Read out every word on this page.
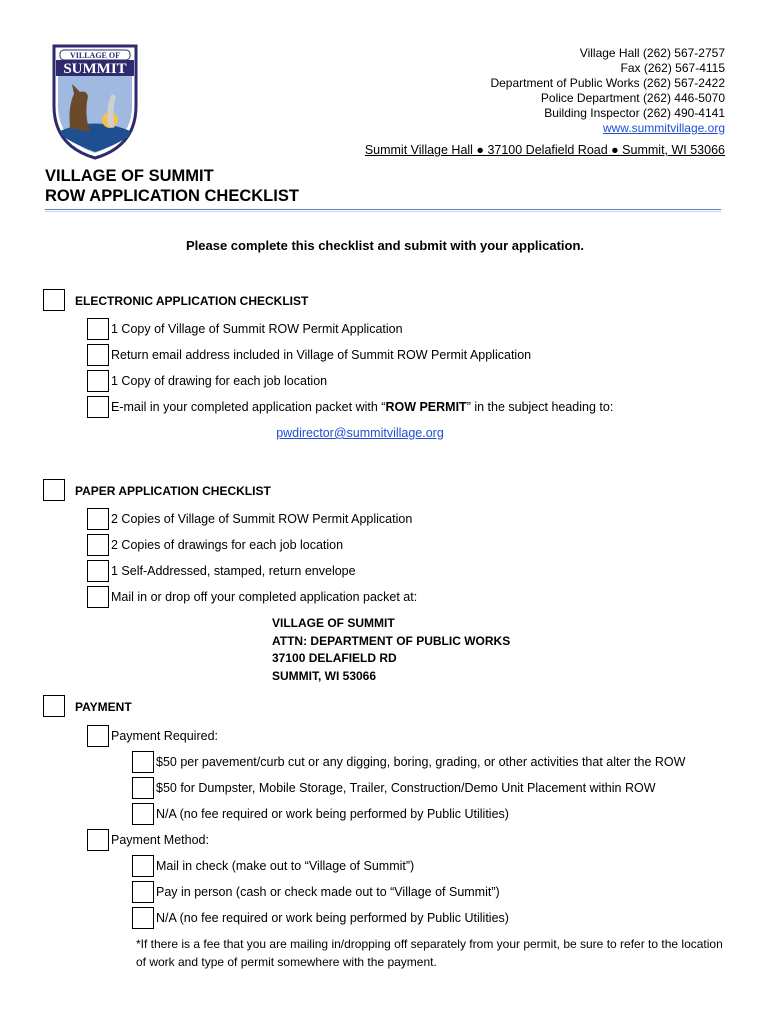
VILLAGE OF
SUMMIT
Village Hall (262) 567-2757
Fax (262) 567-4115
Department of Public Works (262) 567-2422
Police Department (262) 446-5070
Building Inspector (262) 490-4141
www.summitvillage.org
Summit Village Hall ● 37100 Delafield Road ● Summit, WI 53066
VILLAGE OF SUMMIT
ROW APPLICATION CHECKLIST
Please complete this checklist and submit with your application.
ELECTRONIC APPLICATION CHECKLIST
1 Copy of Village of Summit ROW Permit Application
Return email address included in Village of Summit ROW Permit Application
1 Copy of drawing for each job location
E-mail in your completed application packet with “ROW PERMIT” in the subject heading to:
pwdirector@summitvillage.org
PAPER APPLICATION CHECKLIST
2 Copies of Village of Summit ROW Permit Application
2 Copies of drawings for each job location
1 Self-Addressed, stamped, return envelope
Mail in or drop off your completed application packet at:
VILLAGE OF SUMMIT
ATTN: DEPARTMENT OF PUBLIC WORKS
37100 DELAFIELD RD
SUMMIT, WI 53066
PAYMENT
Payment Required:
$50 per pavement/curb cut or any digging, boring, grading, or other activities that alter the ROW
$50 for Dumpster, Mobile Storage, Trailer, Construction/Demo Unit Placement within ROW
N/A (no fee required or work being performed by Public Utilities)
Payment Method:
Mail in check (make out to “Village of Summit”)
Pay in person (cash or check made out to “Village of Summit”)
N/A (no fee required or work being performed by Public Utilities)
*If there is a fee that you are mailing in/dropping off separately from your permit, be sure to refer to the location of work and type of permit somewhere with the payment.
